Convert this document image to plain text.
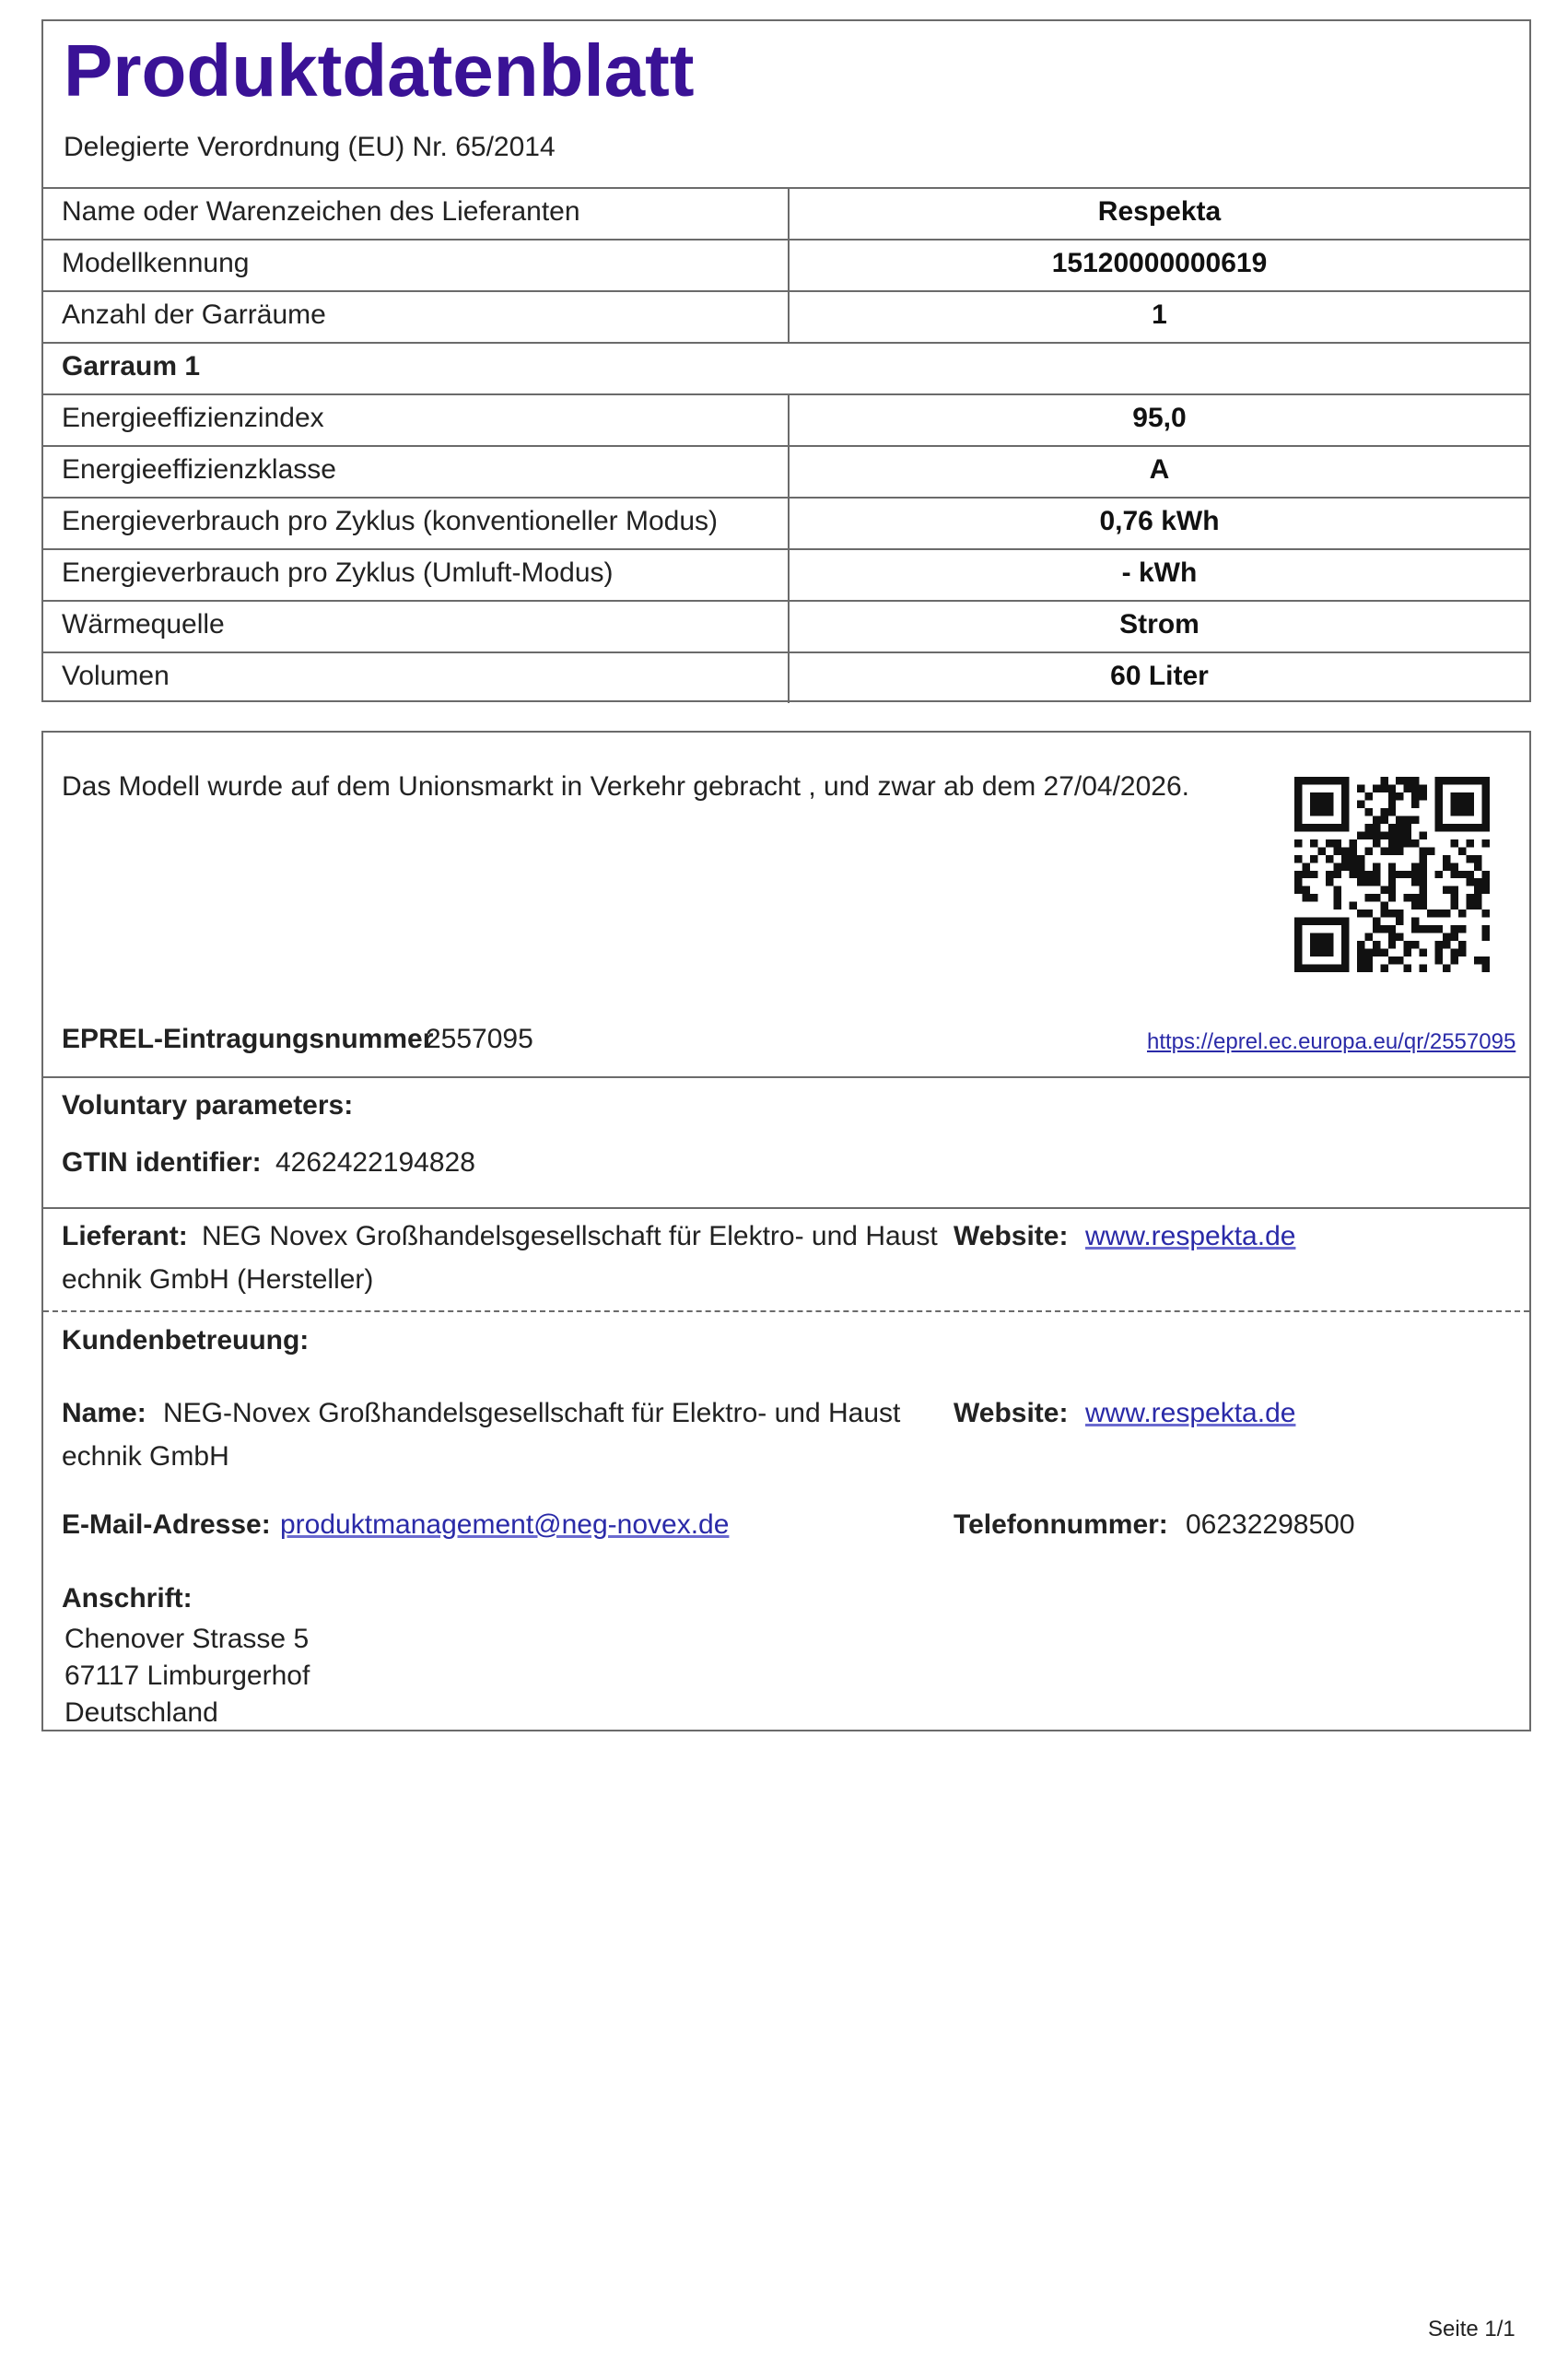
Produktdatenblatt
Delegierte Verordnung (EU) Nr. 65/2014
Name oder Warenzeichen des Lieferanten	Respekta
Modellkennung	15120000000619
Anzahl der Garräume	1
Garraum 1
Energieeffizienzindex	95,0
Energieeffizienzklasse	A
Energieverbrauch pro Zyklus (konventioneller Modus)	0,76 kWh
Energieverbrauch pro Zyklus (Umluft-Modus)	- kWh
Wärmequelle	Strom
Volumen	60 Liter
Das Modell wurde auf dem Unionsmarkt in Verkehr gebracht , und zwar ab dem 27/04/2026.
EPREL-Eintragungsnummer
2557095	https://eprel.ec.europa.eu/qr/2557095
Voluntary parameters:
GTIN identifier: 4262422194828
Lieferant: NEG Novex Großhandelsgesellschaft für Elektro- und Haust
echnik GmbH (Hersteller)
Website: www.respekta.de
Kundenbetreuung:
Name: NEG-Novex Großhandelsgesellschaft für Elektro- und Haust
echnik GmbH
Website: www.respekta.de
E-Mail-Adresse: produktmanagement@neg-novex.de	Telefonnummer: 06232298500
Anschrift:
Chenover Strasse 5
67117 Limburgerhof
Deutschland
Seite 1/1
